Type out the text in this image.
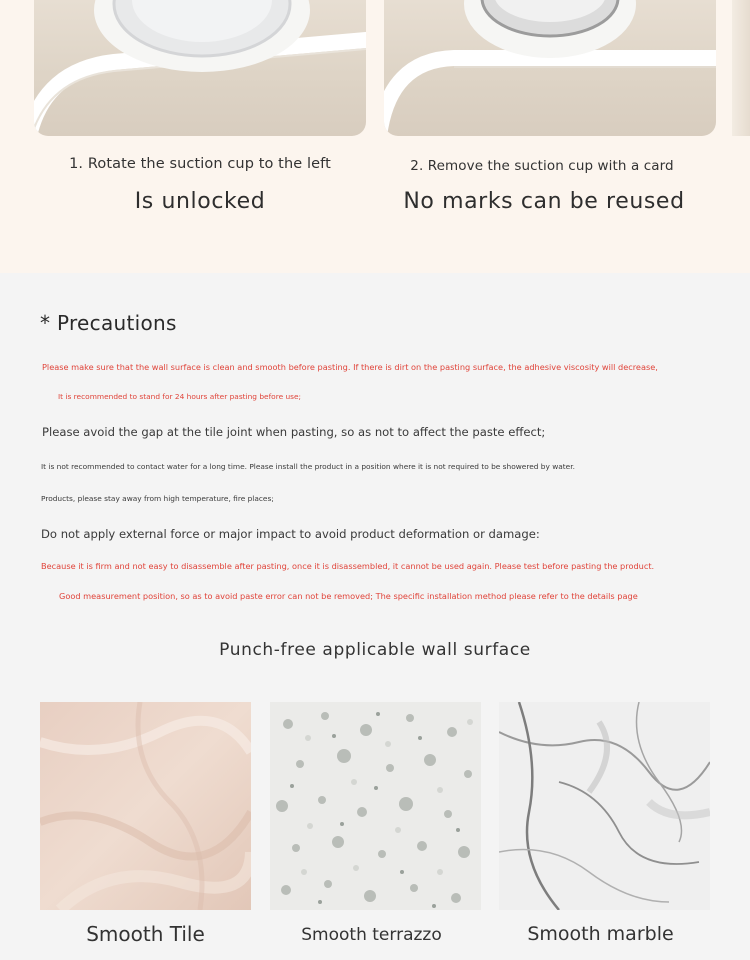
1. Rotate the suction cup to the left
Is unlocked
2. Remove the suction cup with a card
No marks can be reused
* Precautions
Please make sure that the wall surface is clean and smooth before pasting. If there is dirt on the pasting surface, the adhesive viscosity will decrease,
It is recommended to stand for 24 hours after pasting before use;
Please avoid the gap at the tile joint when pasting, so as not to affect the paste effect;
It is not recommended to contact water for a long time. Please install the product in a position where it is not required to be showered by water.
Products, please stay away from high temperature, fire places;
Do not apply external force or major impact to avoid product deformation or damage:
Because it is firm and not easy to disassemble after pasting, once it is disassembled, it cannot be used again. Please test before pasting the product.
Good measurement position, so as to avoid paste error can not be removed; The specific installation method please refer to the details page
Punch-free applicable wall surface
Smooth Tile	Smooth terrazzo	Smooth marble
